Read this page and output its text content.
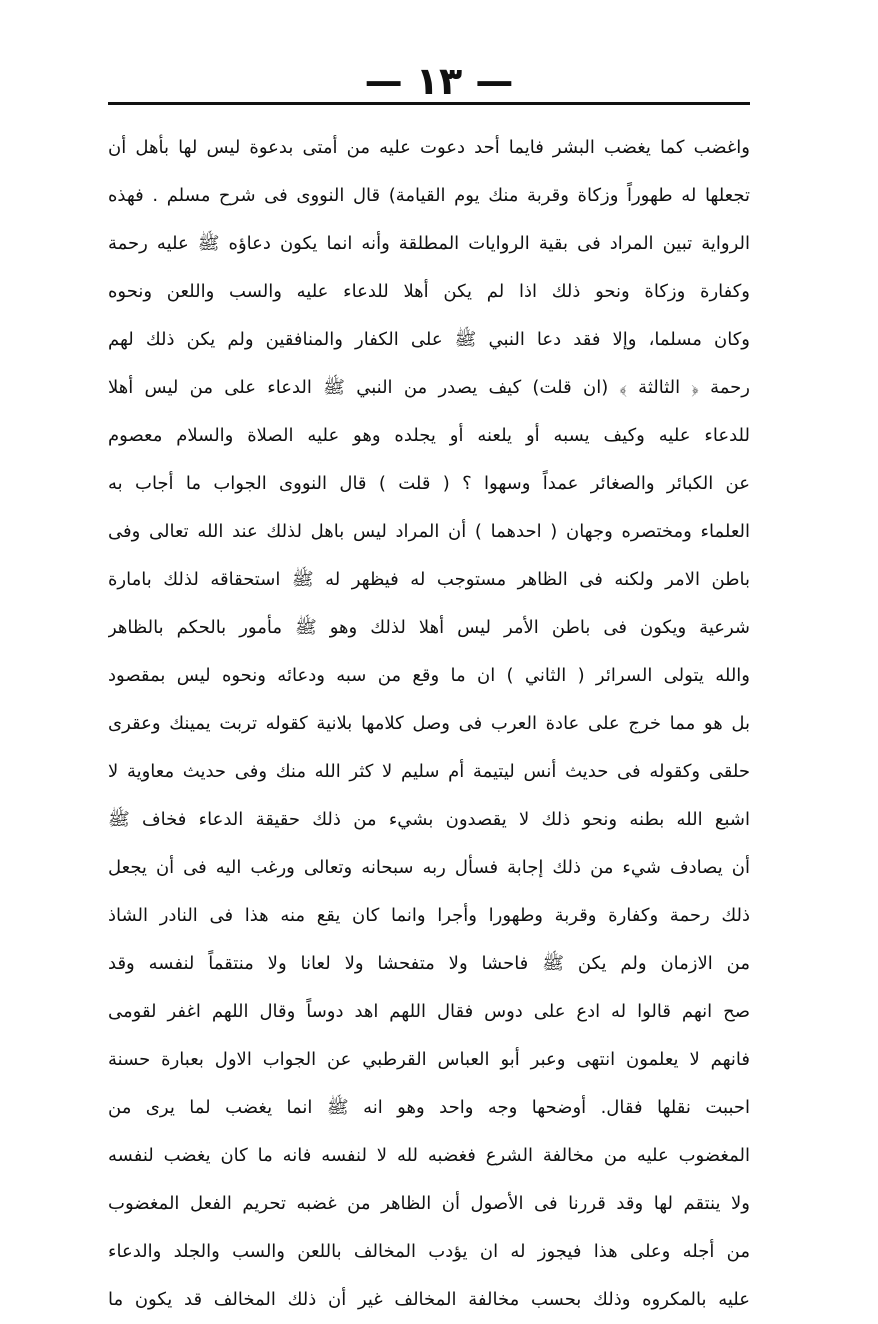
— ١٣ —
واغضب كما يغضب البشر فايما أحد دعوت عليه من أمتى بدعوة ليس لها بأهل أن
تجعلها له طهوراً وزكاة وقربة منك يوم القيامة) قال النووى فى شرح مسلم . فهذه
الرواية تبين المراد فى بقية الروايات المطلقة وأنه انما يكون دعاؤه ﷺ عليه رحمة
وكفارة وزكاة ونحو ذلك اذا لم يكن أهلا للدعاء عليه والسب واللعن ونحوه
وكان مسلما، وإلا فقد دعا النبي ﷺ على الكفار والمنافقين ولم يكن ذلك لهم
رحمة ﴿ الثالثة ﴾ (ان قلت) كيف يصدر من النبي ﷺ الدعاء على من ليس أهلا
للدعاء عليه وكيف يسبه أو يلعنه أو يجلده وهو عليه الصلاة والسلام معصوم
عن الكبائر والصغائر عمداً وسهوا ؟ ( قلت ) قال النووى الجواب ما أجاب به
العلماء ومختصره وجهان ( احدهما ) أن المراد ليس باهل لذلك عند الله تعالى وفى
باطن الامر ولكنه فى الظاهر مستوجب له فيظهر له ﷺ استحقاقه لذلك بامارة
شرعية ويكون فى باطن الأمر ليس أهلا لذلك وهو ﷺ مأمور بالحكم بالظاهر
والله يتولى السرائر ( الثاني ) ان ما وقع من سبه ودعائه ونحوه ليس بمقصود
بل هو مما خرج على عادة العرب فى وصل كلامها بلانية كقوله تربت يمينك وعقرى
حلقى وكقوله فى حديث أنس ليتيمة أم سليم لا كثر الله منك وفى حديث معاوية لا
اشبع الله بطنه ونحو ذلك لا يقصدون بشيء من ذلك حقيقة الدعاء فخاف ﷺ
أن يصادف شيء من ذلك إجابة فسأل ربه سبحانه وتعالى ورغب اليه فى أن يجعل
ذلك رحمة وكفارة وقربة وطهورا وأجرا وانما كان يقع منه هذا فى النادر الشاذ
من الازمان ولم يكن ﷺ فاحشا ولا متفحشا ولا لعانا ولا منتقماً لنفسه وقد
صح انهم قالوا له ادع على دوس فقال اللهم اهد دوساً وقال اللهم اغفر لقومى
فانهم لا يعلمون انتهى وعبر أبو العباس القرطبي عن الجواب الاول بعبارة حسنة
احببت نقلها فقال. أوضحها وجه واحد وهو انه ﷺ انما يغضب لما يرى من
المغضوب عليه من مخالفة الشرع فغضبه لله لا لنفسه فانه ما كان يغضب لنفسه
ولا ينتقم لها وقد قررنا فى الأصول أن الظاهر من غضبه تحريم الفعل المغضوب
من أجله وعلى هذا فيجوز له ان يؤدب المخالف باللعن والسب والجلد والدعاء
عليه بالمكروه وذلك بحسب مخالفة المخالف غير أن ذلك المخالف قد يكون ما
